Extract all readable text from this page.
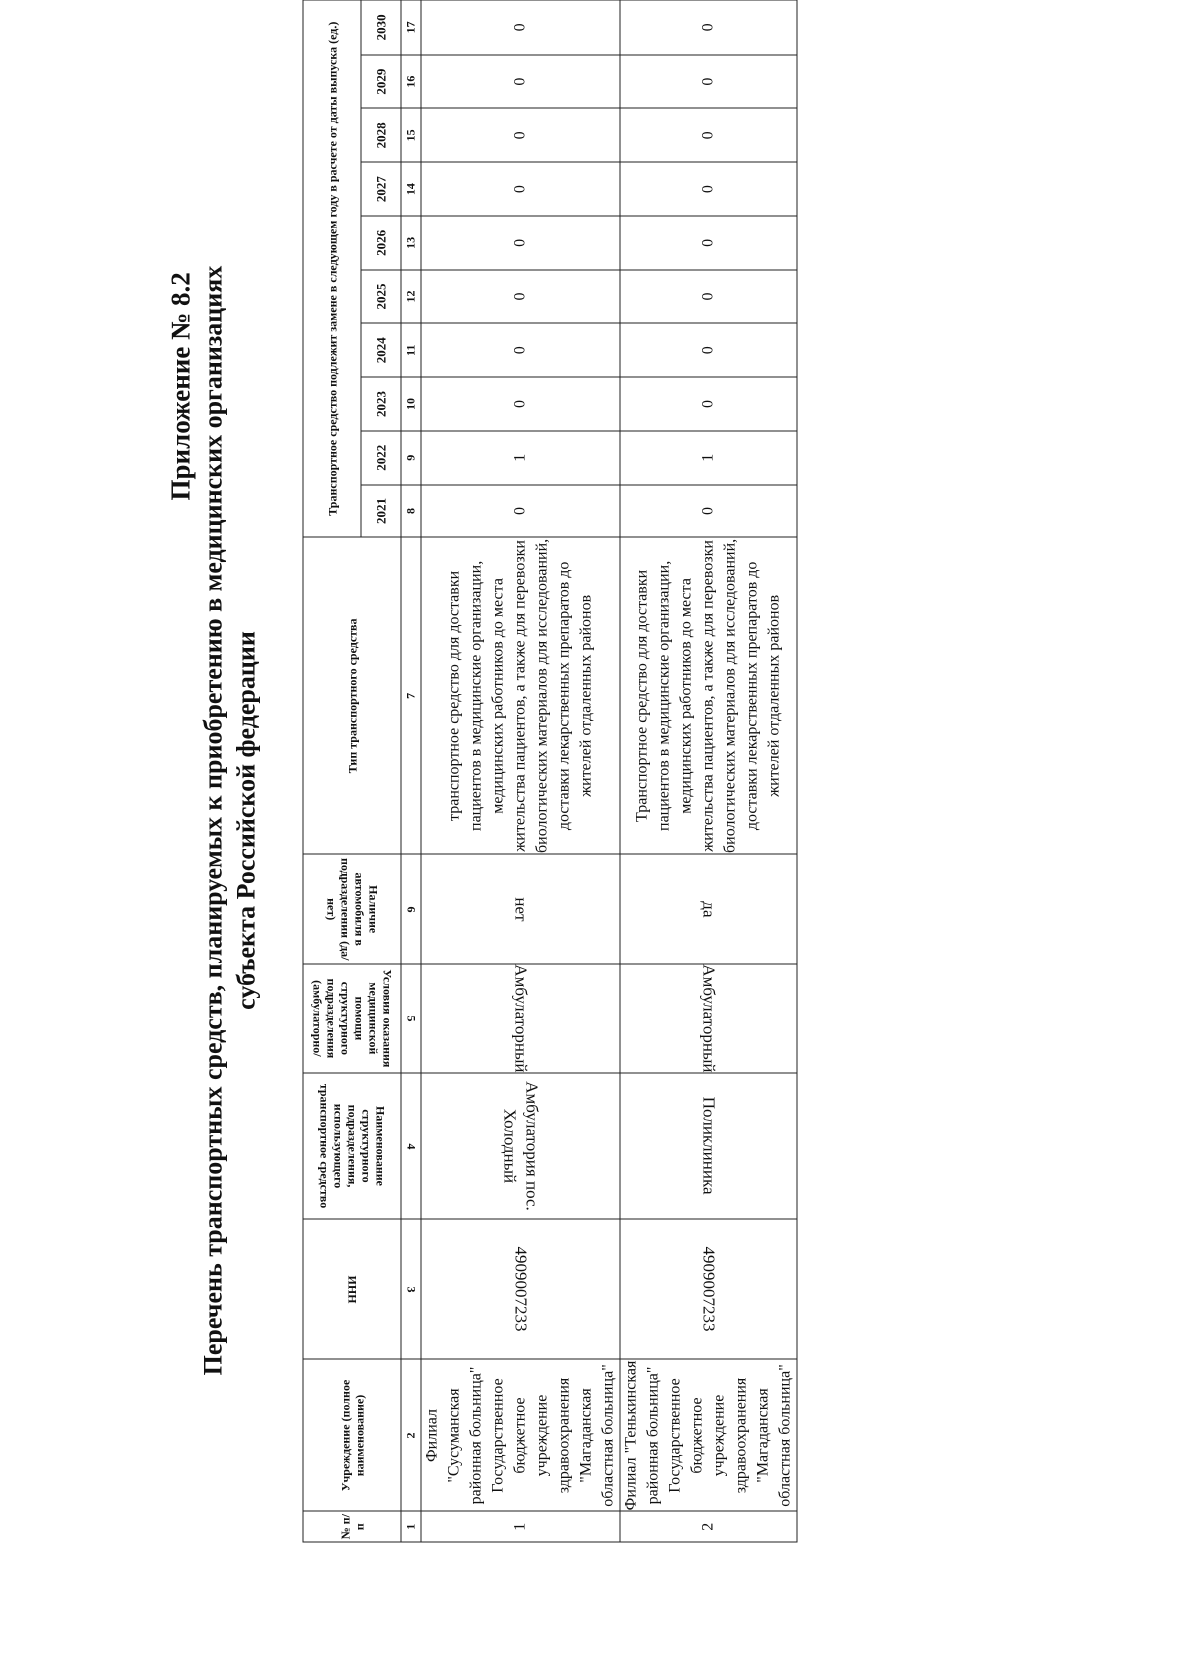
Приложение № 8.2 Перечень транспортных средств, планируемых к приобретению в медицинских организациях субъекта Российской федерации
№ п/п	Учреждение (полное наименование)	ИНН	Наименование структурного подразделения, использующего транспортное средство	Условия оказания медицинской помощи структурного подразделения (амбулаторно/	Наличие автомобиля в подразделении (да/нет)	Тип транспортного средства	Транспортное средство подлежит замене в следующем году в расчете от даты выпуска (ед.)									
							2021	2022	2023	2024	2025	2026	2027	2028	2029	2030
1	2	3	4	5	6	7	8	9	10	11	12	13	14	15	16	17
1	Филиал "Сусуманская районная больница" Государственное бюджетное учреждение здравоохранения "Магаданская областная больница"	4909007233	Амбулатория пос. Холодный	Амбулаторный	нет	транспортное средство для доставки пациентов в медицинские организации, медицинских работников до места жительства пациентов, а также для перевозки биологических материалов для исследований, доставки лекарственных препаратов до жителей отдаленных районов	0	1	0	0	0	0	0	0	0	0
2	Филиал "Тенькинская районная больница" Государственное бюджетное учреждение здравоохранения "Магаданская областная больница"	4909007233	Поликлиника	Амбулаторный	да	Транспортное средство для доставки пациентов в медицинские организации, медицинских работников до места жительства пациентов, а также для перевозки биологических материалов для исследований, доставки лекарственных препаратов до жителей отдаленных районов	0	1	0	0	0	0	0	0	0	0
